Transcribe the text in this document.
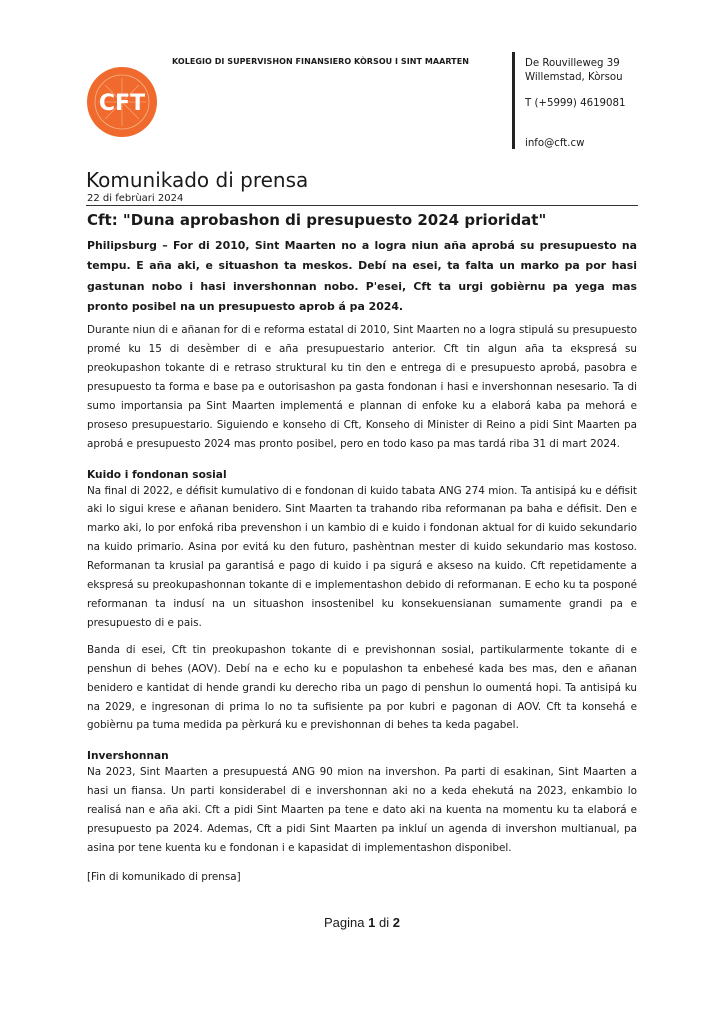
CFT
KOLEGIO DI SUPERVISHON FINANSIERO KÒRSOU I SINT MAARTEN	De Rouvilleweg 39
Willemstad, Kòrsou
T (+5999) 4619081
info@cft.cw
Komunikado di prensa
22 di febrùari 2024
Cft: "Duna aprobashon di presupuesto 2024 prioridat"

Philipsburg – For di 2010, Sint Maarten no a logra niun aña aprobá su presupuesto na tempu. E aña aki, e situashon ta meskos. Debí na esei, ta falta un marko pa por hasi gastunan nobo i hasi invershonnan nobo. P'esei, Cft ta urgi gobièrnu pa yega mas pronto posibel na un presupuesto aprob á pa 2024.

Durante niun di e añanan for di e reforma estatal di 2010, Sint Maarten no a logra stipulá su presupuesto promé ku 15 di desèmber di e aña presupuestario anterior. Cft tin algun aña ta ekspresá su preokupashon tokante di e retraso struktural ku tin den e entrega di e presupuesto aprobá, pasobra e presupuesto ta forma e base pa e outorisashon pa gasta fondonan i hasi e invershonnan nesesario. Ta di sumo importansia pa Sint Maarten implementá e plannan di enfoke ku a elaborá kaba pa mehorá e proseso presupuestario. Siguiendo e konseho di Cft, Konseho di Minister di Reino a pidi Sint Maarten pa aprobá e presupuesto 2024 mas pronto posibel, pero en todo kaso pa mas tardá riba 31 di mart 2024.

Kuido i fondonan sosial

Na final di 2022, e défisit kumulativo di e fondonan di kuido tabata ANG 274 mion. Ta antisipá ku e défisit aki lo sigui krese e añanan benidero. Sint Maarten ta trahando riba reformanan pa baha e défisit. Den e marko aki, lo por enfoká riba prevenshon i un kambio di e kuido i fondonan aktual for di kuido sekundario na kuido primario. Asina por evitá ku den futuro, pashèntnan mester di kuido sekundario mas kostoso. Reformanan ta krusial pa garantisá e pago di kuido i pa sigurá e akseso na kuido. Cft repetidamente a ekspresá su preokupashonnan tokante di e implementashon debido di reformanan. E echo ku ta posponé reformanan ta indusí na un situashon insostenibel ku konsekuensianan sumamente grandi pa e presupuesto di e pais.

Banda di esei, Cft tin preokupashon tokante di e previshonnan sosial, partikularmente tokante di e penshun di behes (AOV). Debí na e echo ku e populashon ta enbehesé kada bes mas, den e añanan benidero e kantidat di hende grandi ku derecho riba un pago di penshun lo oumentá hopi. Ta antisipá ku na 2029, e ingresonan di prima lo no ta sufisiente pa por kubri e pagonan di AOV. Cft ta konsehá e gobièrnu pa tuma medida pa pèrkurá ku e previshonnan di behes ta keda pagabel.

Invershonnan

Na 2023, Sint Maarten a presupuestá ANG 90 mion na invershon. Pa parti di esakinan, Sint Maarten a hasi un fiansa. Un parti konsiderabel di e invershonnan aki no a keda ehekutá na 2023, enkambio lo realisá nan e aña aki. Cft a pidi Sint Maarten pa tene e dato aki na kuenta na momentu ku ta elaborá e presupuesto pa 2024. Ademas, Cft a pidi Sint Maarten pa inkluí un agenda di invershon multianual, pa asina por tene kuenta ku e fondonan i e kapasidat di implementashon disponibel.

[Fin di komunikado di prensa]
Pagina 1 di 2
